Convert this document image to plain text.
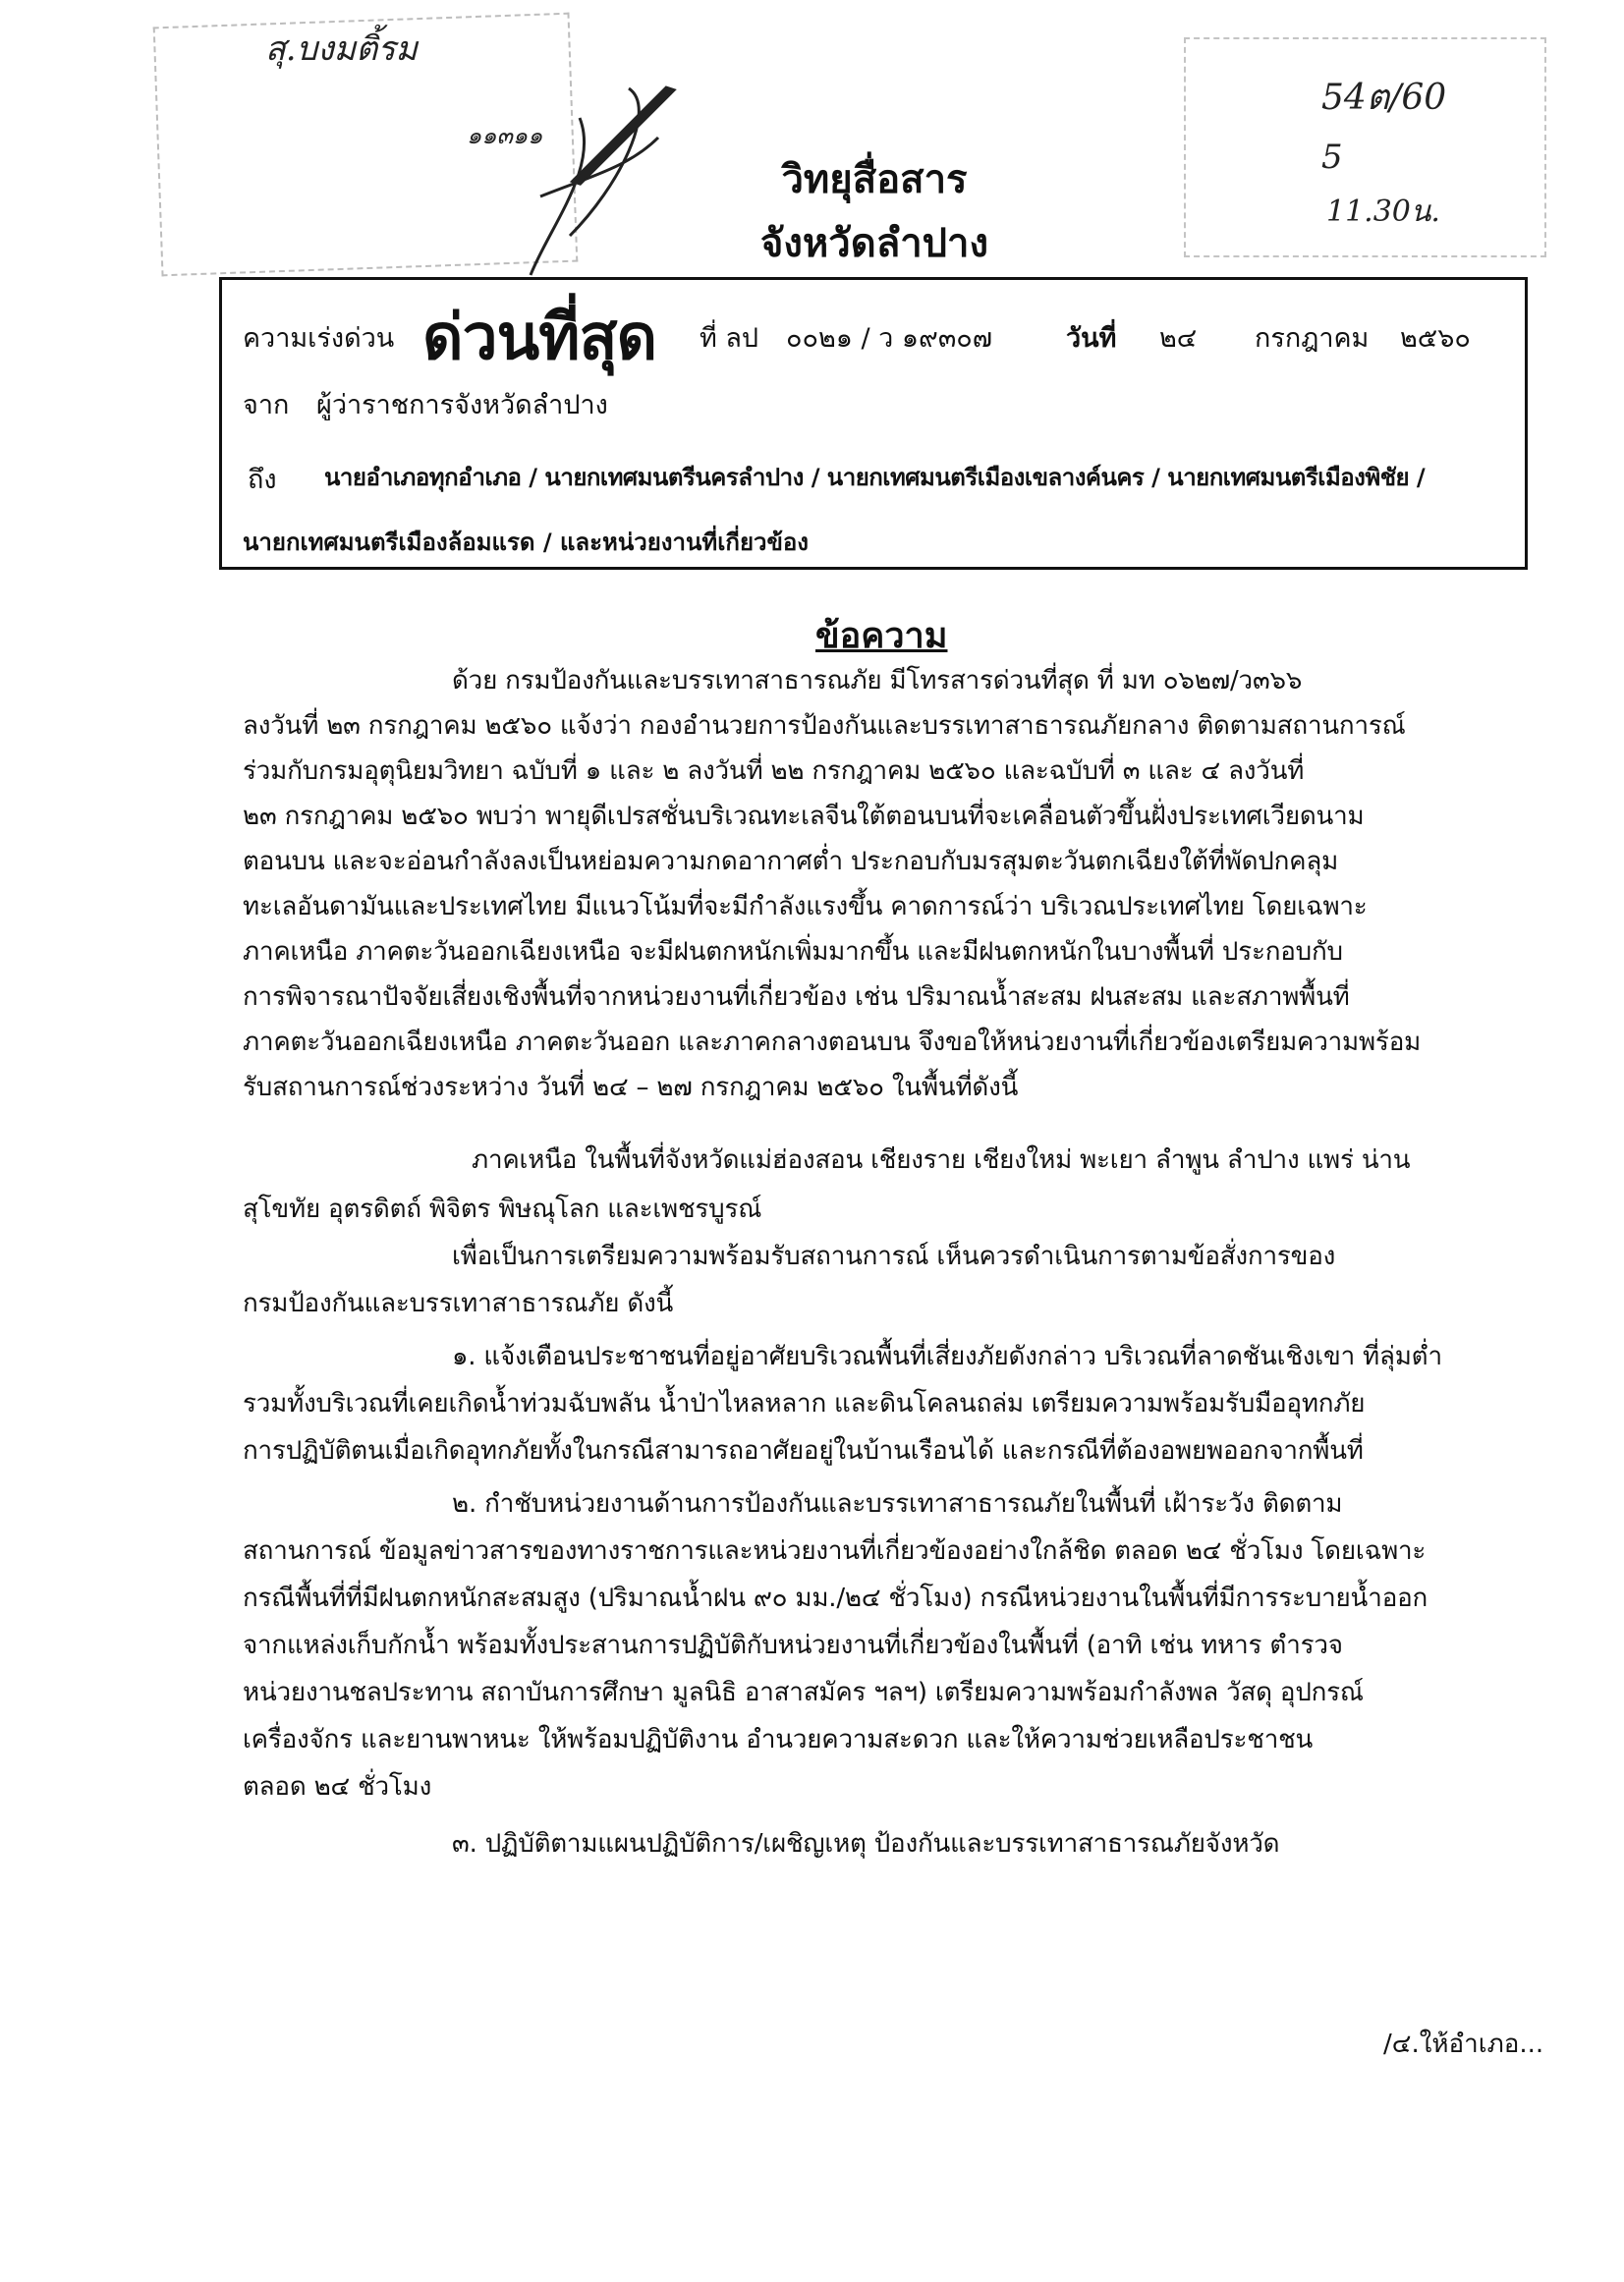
สุ.บงมติ้รม
๑๑๓๑๑ /	54ต/60
5
11.30น.
วิทยุสื่อสาร
จังหวัดลำปาง
ความเร่งด่วน ด่วนที่สุด ที่ ลป ๐๐๒๑ / ว ๑๙๓๐๗	วันที่ ๒๔ กรกฎาคม ๒๕๖๐
จาก ผู้ว่าราชการจังหวัดลำปาง
ถึง นายอำเภอทุกอำเภอ / นายกเทศมนตรีนครลำปาง / นายกเทศมนตรีเมืองเขลางค์นคร / นายกเทศมนตรีเมืองพิชัย /
นายกเทศมนตรีเมืองล้อมแรด / และหน่วยงานที่เกี่ยวข้อง
ข้อความ
ด้วย กรมป้องกันและบรรเทาสาธารณภัย มีโทรสารด่วนที่สุด ที่ มท ๐๖๒๗/ว๓๖๖
ลงวันที่ ๒๓ กรกฎาคม ๒๕๖๐ แจ้งว่า กองอำนวยการป้องกันและบรรเทาสาธารณภัยกลาง ติดตามสถานการณ์
ร่วมกับกรมอุตุนิยมวิทยา ฉบับที่ ๑ และ ๒ ลงวันที่ ๒๒ กรกฎาคม ๒๕๖๐ และฉบับที่ ๓ และ ๔ ลงวันที่
๒๓ กรกฎาคม ๒๕๖๐ พบว่า พายุดีเปรสชั่นบริเวณทะเลจีนใต้ตอนบนที่จะเคลื่อนตัวขึ้นฝั่งประเทศเวียดนาม
ตอนบน และจะอ่อนกำลังลงเป็นหย่อมความกดอากาศต่ำ ประกอบกับมรสุมตะวันตกเฉียงใต้ที่พัดปกคลุม
ทะเลอันดามันและประเทศไทย มีแนวโน้มที่จะมีกำลังแรงขึ้น คาดการณ์ว่า บริเวณประเทศไทย โดยเฉพาะ
ภาคเหนือ ภาคตะวันออกเฉียงเหนือ จะมีฝนตกหนักเพิ่มมากขึ้น และมีฝนตกหนักในบางพื้นที่ ประกอบกับ
การพิจารณาปัจจัยเสี่ยงเชิงพื้นที่จากหน่วยงานที่เกี่ยวข้อง เช่น ปริมาณน้ำสะสม ฝนสะสม และสภาพพื้นที่
ภาคตะวันออกเฉียงเหนือ ภาคตะวันออก และภาคกลางตอนบน จึงขอให้หน่วยงานที่เกี่ยวข้องเตรียมความพร้อม
รับสถานการณ์ช่วงระหว่าง วันที่ ๒๔ – ๒๗ กรกฎาคม ๒๕๖๐ ในพื้นที่ดังนี้
ภาคเหนือ ในพื้นที่จังหวัดแม่ฮ่องสอน เชียงราย เชียงใหม่ พะเยา ลำพูน ลำปาง แพร่ น่าน
สุโขทัย อุตรดิตถ์ พิจิตร พิษณุโลก และเพชรบูรณ์
เพื่อเป็นการเตรียมความพร้อมรับสถานการณ์ เห็นควรดำเนินการตามข้อสั่งการของ
กรมป้องกันและบรรเทาสาธารณภัย ดังนี้
๑. แจ้งเตือนประชาชนที่อยู่อาศัยบริเวณพื้นที่เสี่ยงภัยดังกล่าว บริเวณที่ลาดชันเชิงเขา ที่ลุ่มต่ำ
รวมทั้งบริเวณที่เคยเกิดน้ำท่วมฉับพลัน น้ำป่าไหลหลาก และดินโคลนถล่ม เตรียมความพร้อมรับมืออุทกภัย
การปฏิบัติตนเมื่อเกิดอุทกภัยทั้งในกรณีสามารถอาศัยอยู่ในบ้านเรือนได้ และกรณีที่ต้องอพยพออกจากพื้นที่
๒. กำชับหน่วยงานด้านการป้องกันและบรรเทาสาธารณภัยในพื้นที่ เฝ้าระวัง ติดตาม
สถานการณ์ ข้อมูลข่าวสารของทางราชการและหน่วยงานที่เกี่ยวข้องอย่างใกล้ชิด ตลอด ๒๔ ชั่วโมง โดยเฉพาะ
กรณีพื้นที่ที่มีฝนตกหนักสะสมสูง (ปริมาณน้ำฝน ๙๐ มม./๒๔ ชั่วโมง) กรณีหน่วยงานในพื้นที่มีการระบายน้ำออก
จากแหล่งเก็บกักน้ำ พร้อมทั้งประสานการปฏิบัติกับหน่วยงานที่เกี่ยวข้องในพื้นที่ (อาทิ เช่น ทหาร ตำรวจ
หน่วยงานชลประทาน สถาบันการศึกษา มูลนิธิ อาสาสมัคร ฯลฯ) เตรียมความพร้อมกำลังพล วัสดุ อุปกรณ์
เครื่องจักร และยานพาหนะ ให้พร้อมปฏิบัติงาน อำนวยความสะดวก และให้ความช่วยเหลือประชาชน
ตลอด ๒๔ ชั่วโมง
๓. ปฏิบัติตามแผนปฏิบัติการ/เผชิญเหตุ ป้องกันและบรรเทาสาธารณภัยจังหวัด
/๔.ให้อำเภอ...
